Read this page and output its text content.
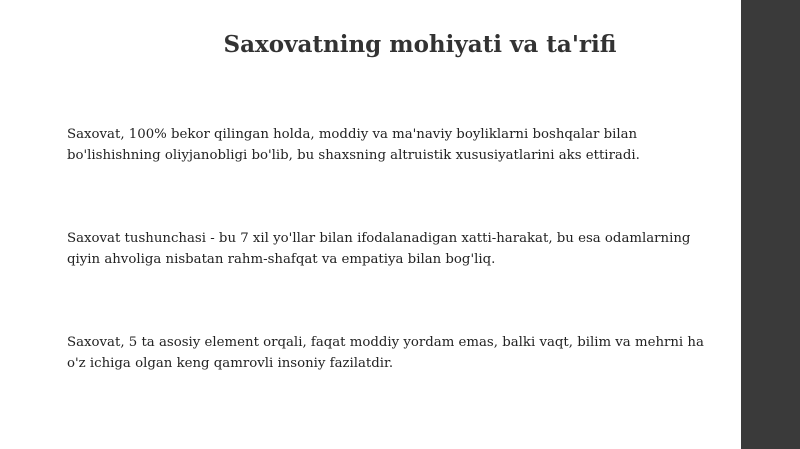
Saxovatning mohiyati va ta'rifi

Saxovat, 100% bekor qilingan holda, moddiy va ma'naviy boyliklarni boshqalar bilan
bo'lishishning oliyjanobligi bo'lib, bu shaxsning altruistik xususiyatlarini aks ettiradi.

Saxovat tushunchasi - bu 7 xil yo'llar bilan ifodalanadigan xatti-harakat, bu esa odamlarning
qiyin ahvoliga nisbatan rahm-shafqat va empatiya bilan bog'liq.

Saxovat, 5 ta asosiy element orqali, faqat moddiy yordam emas, balki vaqt, bilim va mehrni ha
o'z ichiga olgan keng qamrovli insoniy fazilatdir.
